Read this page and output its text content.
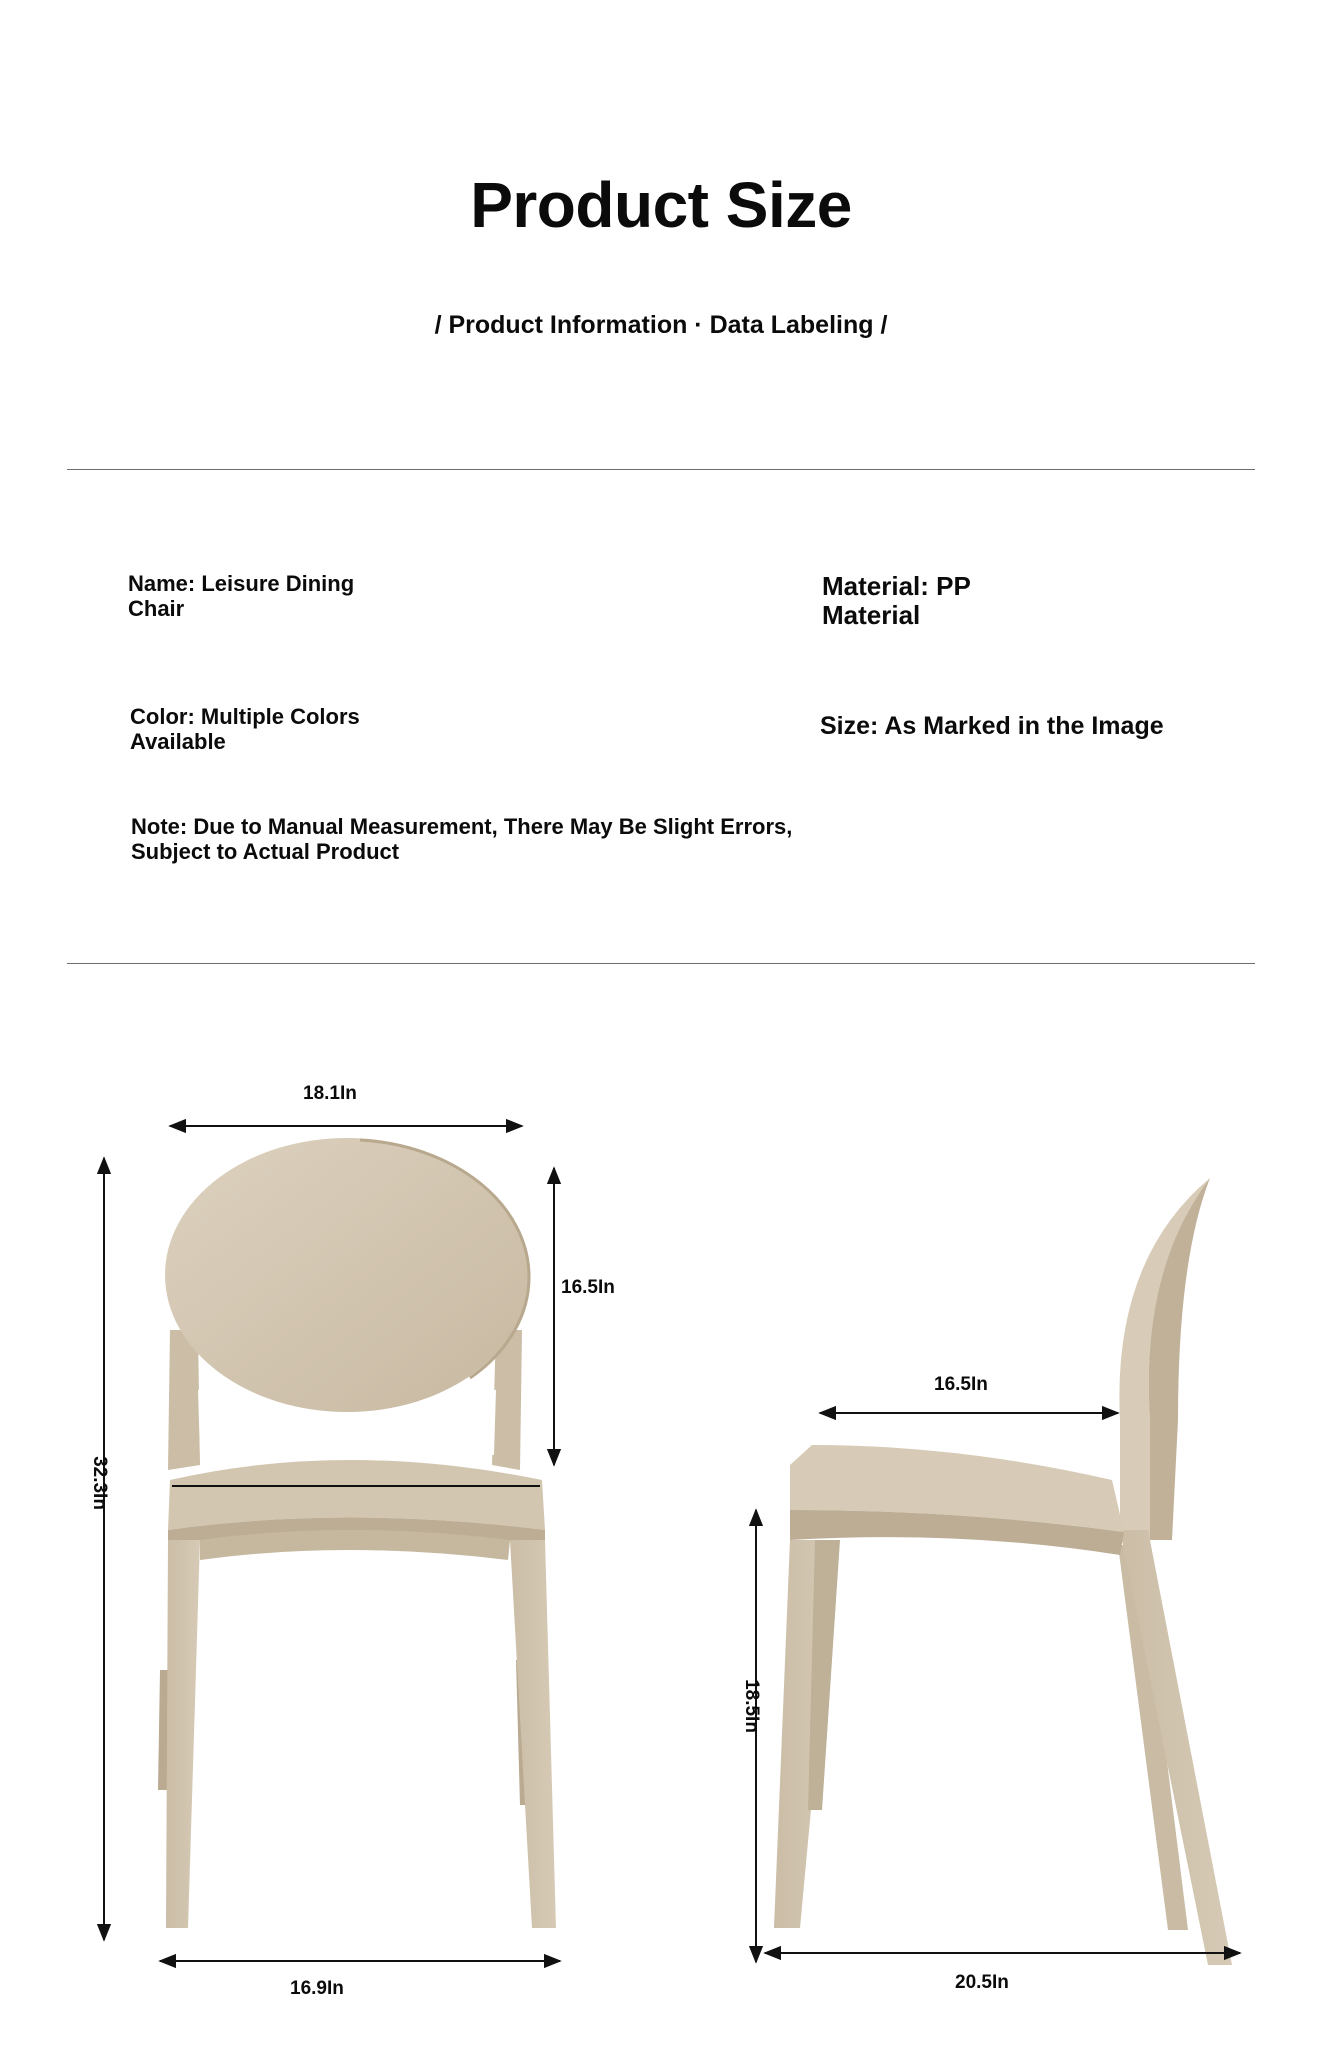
Product Size
/ Product Information · Data Labeling /
Name: Leisure Dining Chair
Material: PP Material
Color: Multiple Colors Available
Size: As Marked in the Image
Note: Due to Manual Measurement, There May Be Slight Errors, Subject to Actual Product
18.1In
16.5In
32.3In
16.9In
16.5In
18.5In
20.5In
